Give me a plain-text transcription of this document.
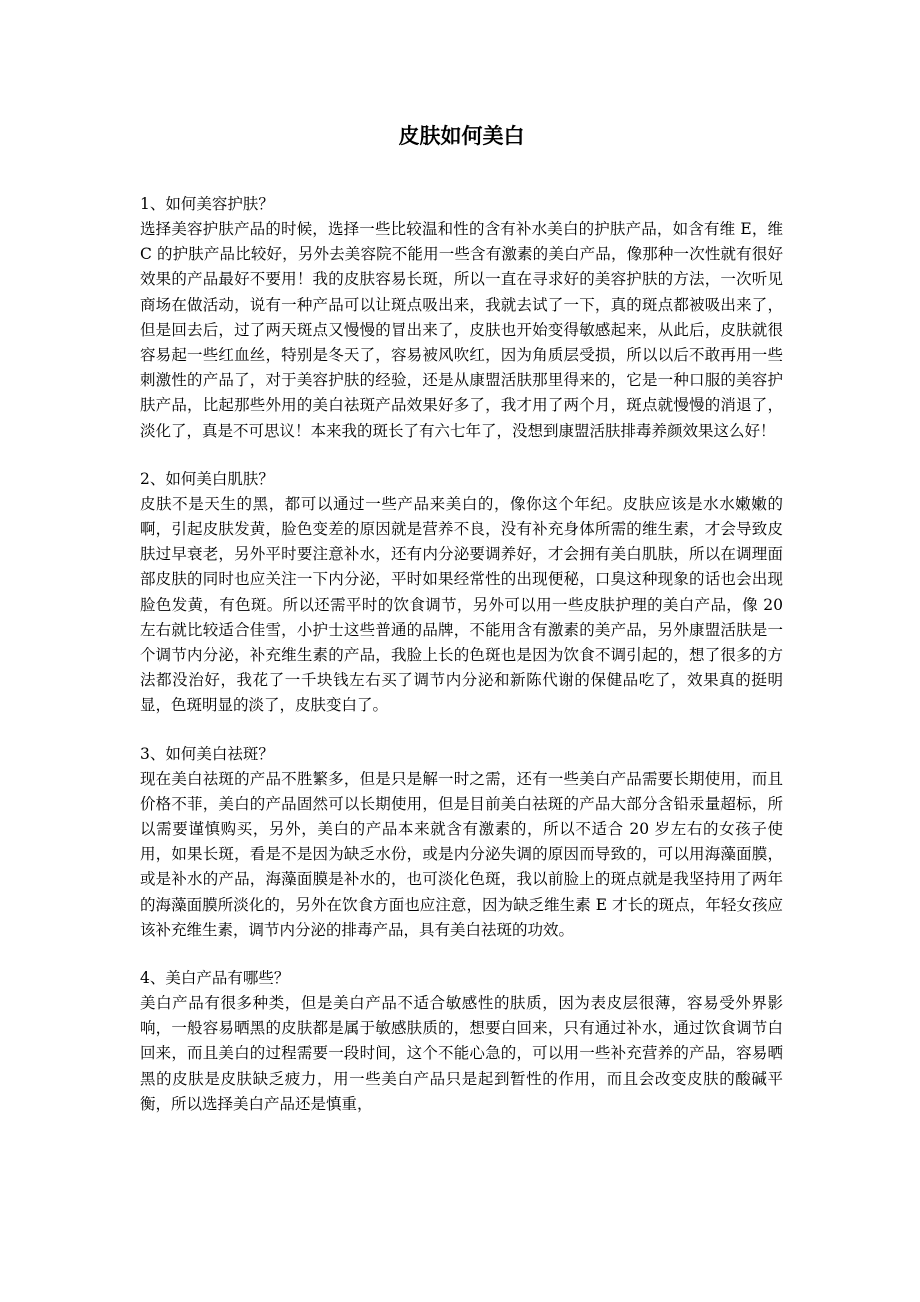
皮肤如何美白

1、如何美容护肤？

选择美容护肤产品的时候，选择一些比较温和性的含有补水美白的护肤产品，如含有维 E，维 C 的护肤产品比较好，另外去美容院不能用一些含有激素的美白产品，像那种一次性就有很好效果的产品最好不要用！我的皮肤容易长斑，所以一直在寻求好的美容护肤的方法，一次听见商场在做活动，说有一种产品可以让斑点吸出来，我就去试了一下，真的斑点都被吸出来了，但是回去后，过了两天斑点又慢慢的冒出来了，皮肤也开始变得敏感起来，从此后，皮肤就很容易起一些红血丝，特别是冬天了，容易被风吹红，因为角质层受损，所以以后不敢再用一些刺激性的产品了，对于美容护肤的经验，还是从康盟活肤那里得来的，它是一种口服的美容护肤产品，比起那些外用的美白祛斑产品效果好多了，我才用了两个月，斑点就慢慢的消退了，淡化了，真是不可思议！本来我的斑长了有六七年了，没想到康盟活肤排毒养颜效果这么好！

2、如何美白肌肤？

皮肤不是天生的黑，都可以通过一些产品来美白的，像你这个年纪。皮肤应该是水水嫩嫩的啊，引起皮肤发黄，脸色变差的原因就是营养不良，没有补充身体所需的维生素，才会导致皮肤过早衰老，另外平时要注意补水，还有内分泌要调养好，才会拥有美白肌肤，所以在调理面部皮肤的同时也应关注一下内分泌，平时如果经常性的出现便秘，口臭这种现象的话也会出现脸色发黄，有色斑。所以还需平时的饮食调节，另外可以用一些皮肤护理的美白产品，像 20 左右就比较适合佳雪，小护士这些普通的品牌，不能用含有激素的美产品，另外康盟活肤是一个调节内分泌，补充维生素的产品，我脸上长的色斑也是因为饮食不调引起的，想了很多的方法都没治好，我花了一千块钱左右买了调节内分泌和新陈代谢的保健品吃了，效果真的挺明显，色斑明显的淡了，皮肤变白了。

3、如何美白祛斑？

现在美白祛斑的产品不胜繁多，但是只是解一时之需，还有一些美白产品需要长期使用，而且价格不菲，美白的产品固然可以长期使用，但是目前美白祛斑的产品大部分含铅汞量超标，所以需要谨慎购买，另外，美白的产品本来就含有激素的，所以不适合 20 岁左右的女孩子使用，如果长斑，看是不是因为缺乏水份，或是内分泌失调的原因而导致的，可以用海藻面膜，或是补水的产品，海藻面膜是补水的，也可淡化色斑，我以前脸上的斑点就是我坚持用了两年的海藻面膜所淡化的，另外在饮食方面也应注意，因为缺乏维生素 E 才长的斑点，年轻女孩应该补充维生素，调节内分泌的排毒产品，具有美白祛斑的功效。

4、美白产品有哪些？

美白产品有很多种类，但是美白产品不适合敏感性的肤质，因为表皮层很薄，容易受外界影响，一般容易晒黑的皮肤都是属于敏感肤质的，想要白回来，只有通过补水，通过饮食调节白回来，而且美白的过程需要一段时间，这个不能心急的，可以用一些补充营养的产品，容易晒黑的皮肤是皮肤缺乏疲力，用一些美白产品只是起到暂性的作用，而且会改变皮肤的酸碱平衡，所以选择美白产品还是慎重，
